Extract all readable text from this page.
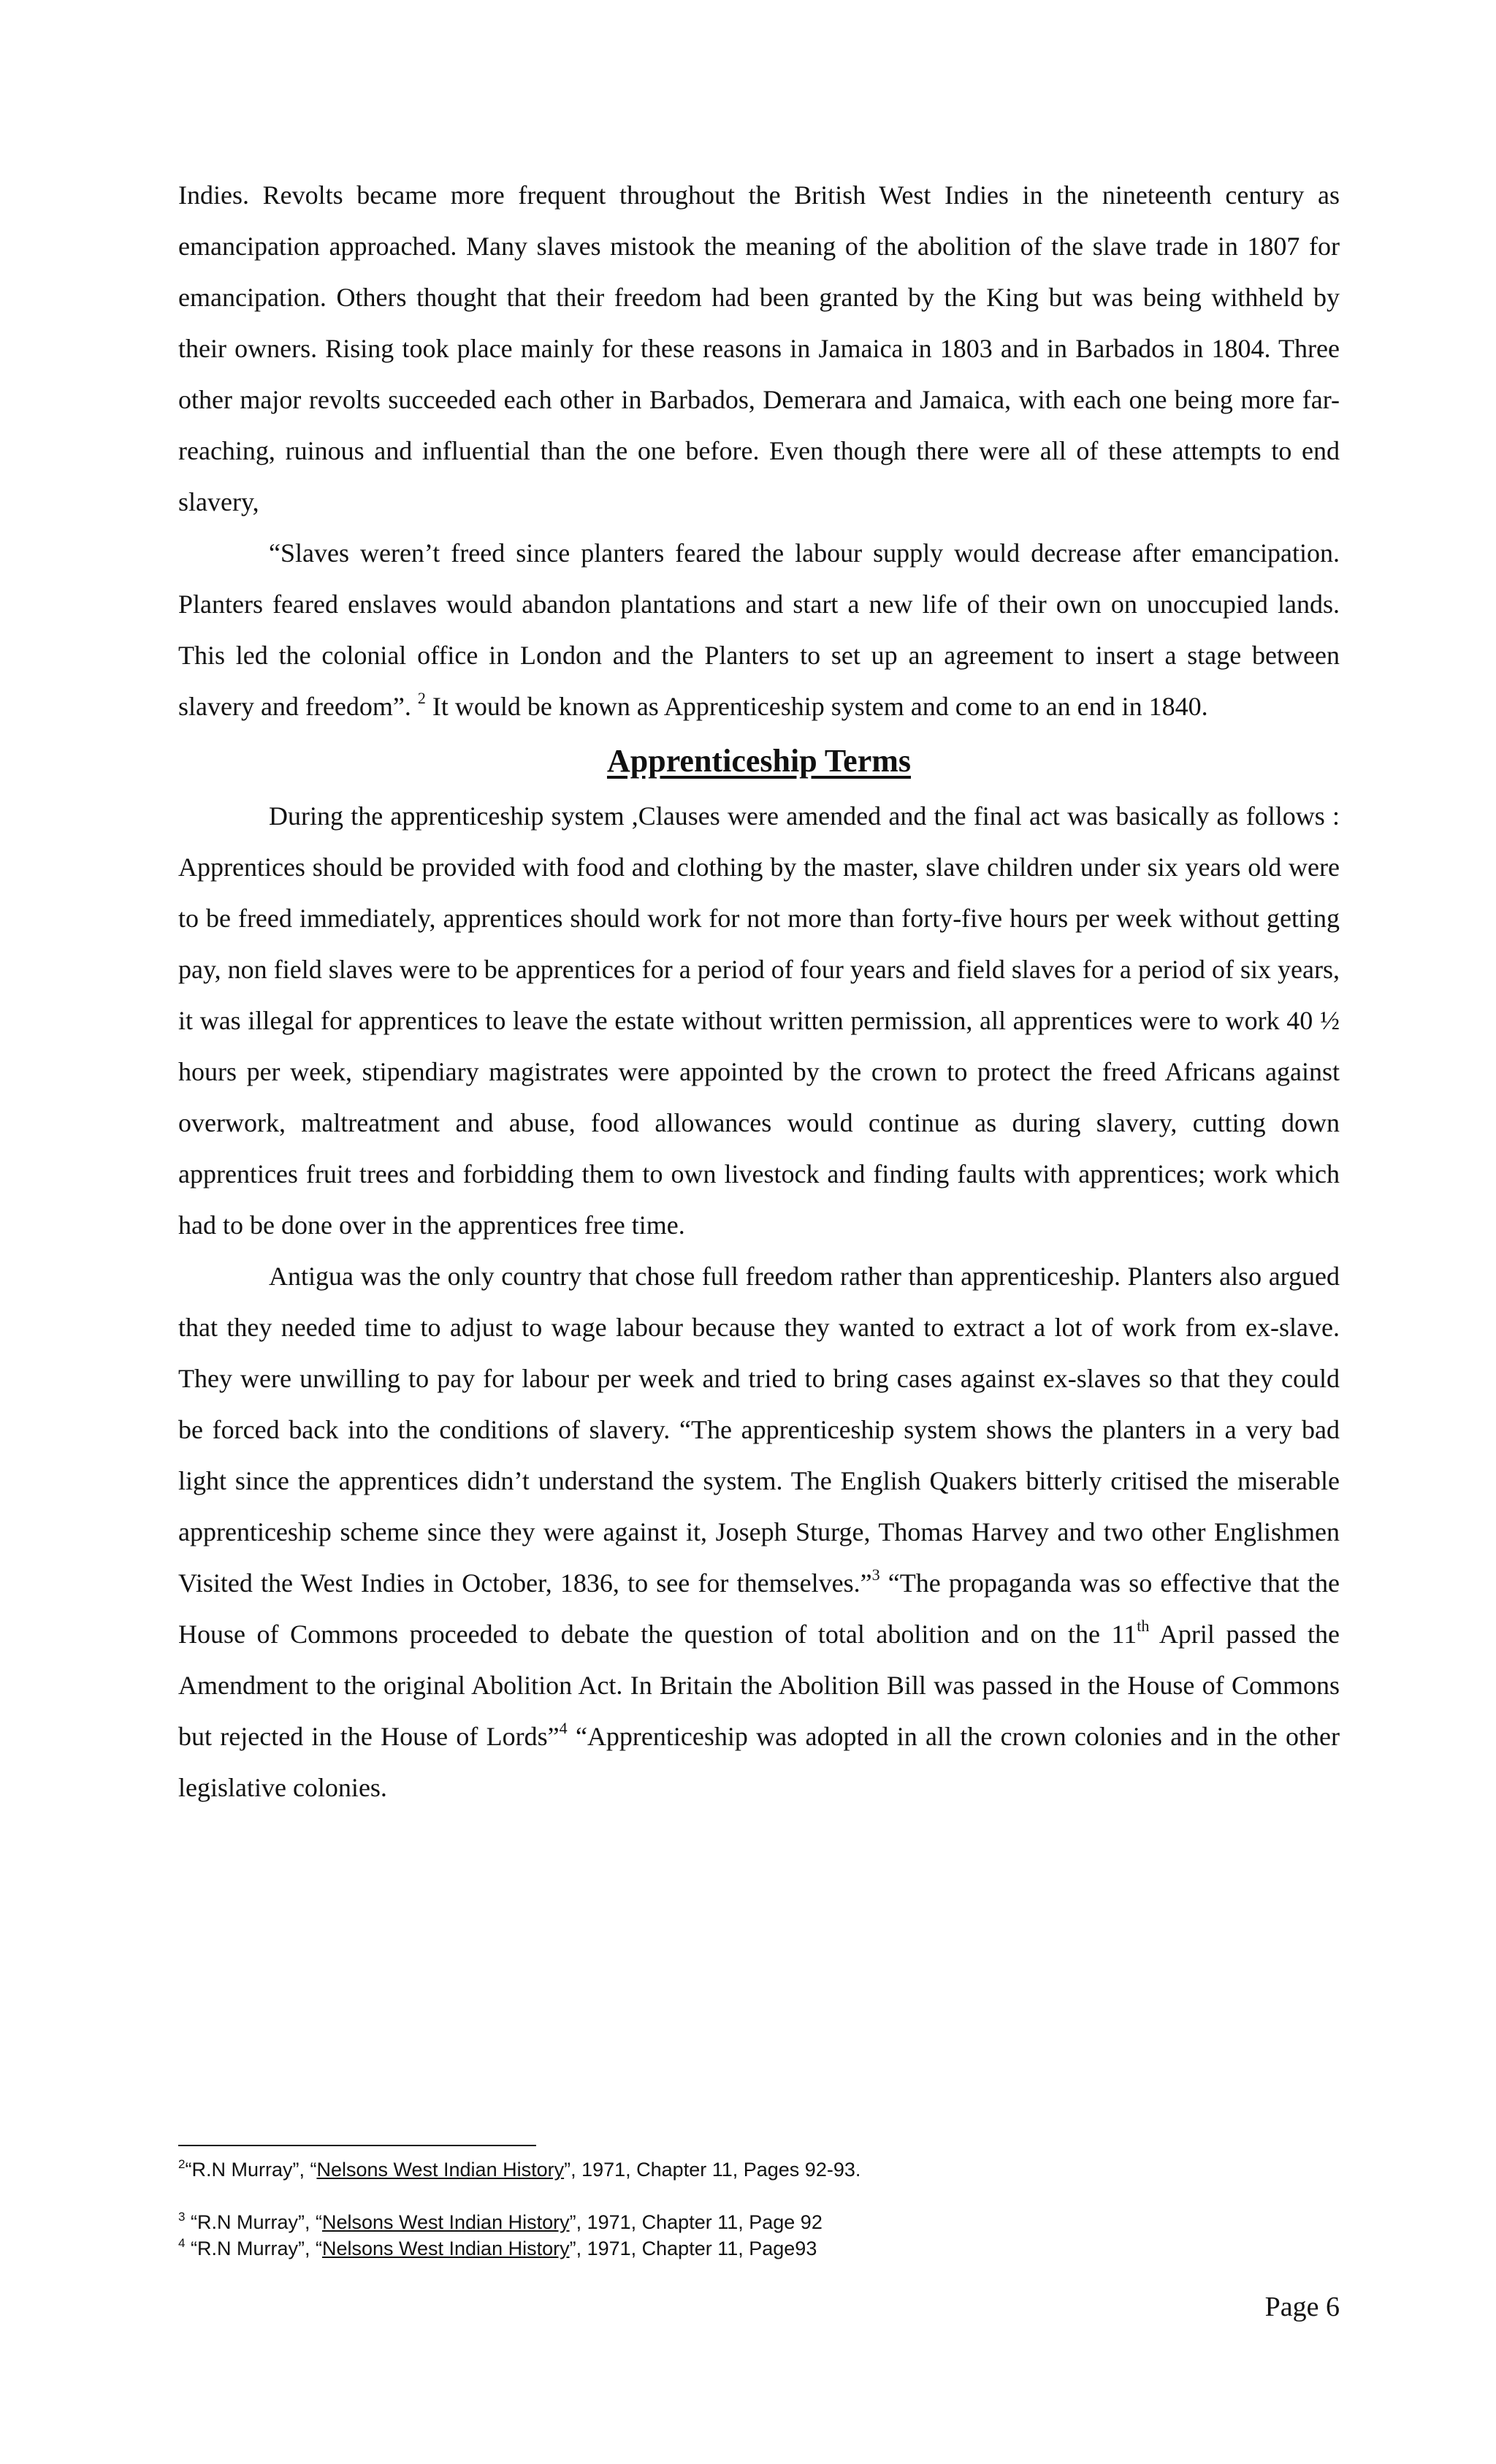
Indies. Revolts became more frequent throughout the British West Indies in the nineteenth century as emancipation approached. Many slaves mistook the meaning of the abolition of the slave trade in 1807 for emancipation. Others thought that their freedom had been granted by the King but was being withheld by their owners. Rising took place mainly for these reasons in Jamaica in 1803 and in Barbados in 1804. Three other major revolts succeeded each other in Barbados, Demerara and Jamaica, with each one being more far-reaching, ruinous and influential than the one before. Even though there were all of these attempts to end slavery,

“Slaves weren’t freed since planters feared the labour supply would decrease after emancipation. Planters feared enslaves would abandon plantations and start a new life of their own on unoccupied lands. This led the colonial office in London and the Planters to set up an agreement to insert a stage between slavery and freedom”. $^2$ It would be known as Apprenticeship system and come to an end in 1840.

Apprenticeship Terms

During the apprenticeship system ,Clauses were amended and the final act was basically as follows : Apprentices should be provided with food and clothing by the master, slave children under six years old were to be freed immediately, apprentices should work for not more than forty-five hours per week without getting pay, non field slaves were to be apprentices for a period of four years and field slaves for a period of six years, it was illegal for apprentices to leave the estate without written permission, all apprentices were to work 40 ½ hours per week, stipendiary magistrates were appointed by the crown to protect the freed Africans against overwork, maltreatment and abuse, food allowances would continue as during slavery, cutting down apprentices fruit trees and forbidding them to own livestock and finding faults with apprentices; work which had to be done over in the apprentices free time.

Antigua was the only country that chose full freedom rather than apprenticeship. Planters also argued that they needed time to adjust to wage labour because they wanted to extract a lot of work from ex-slave. They were unwilling to pay for labour per week and tried to bring cases against ex-slaves so that they could be forced back into the conditions of slavery. “The apprenticeship system shows the planters in a very bad light since the apprentices didn’t understand the system. The English Quakers bitterly critised the miserable apprenticeship scheme since they were against it, Joseph Sturge, Thomas Harvey and two other Englishmen Visited the West Indies in October, 1836, to see for themselves.”$^3$ “The propaganda was so effective that the House of Commons proceeded to debate the question of total abolition and on the 11th April passed the Amendment to the original Abolition Act. In Britain the Abolition Bill was passed in the House of Commons but rejected in the House of Lords”$^4$ “Apprenticeship was adopted in all the crown colonies and in the other legislative colonies.

$^2$“R.N Murray”, “Nelsons West Indian History”, 1971, Chapter 11, Pages 92-93.

$^3$ “R.N Murray”, “Nelsons West Indian History”, 1971, Chapter 11, Page 92

$^4$ “R.N Murray”, “Nelsons West Indian History”, 1971, Chapter 11, Page93

Page 6
